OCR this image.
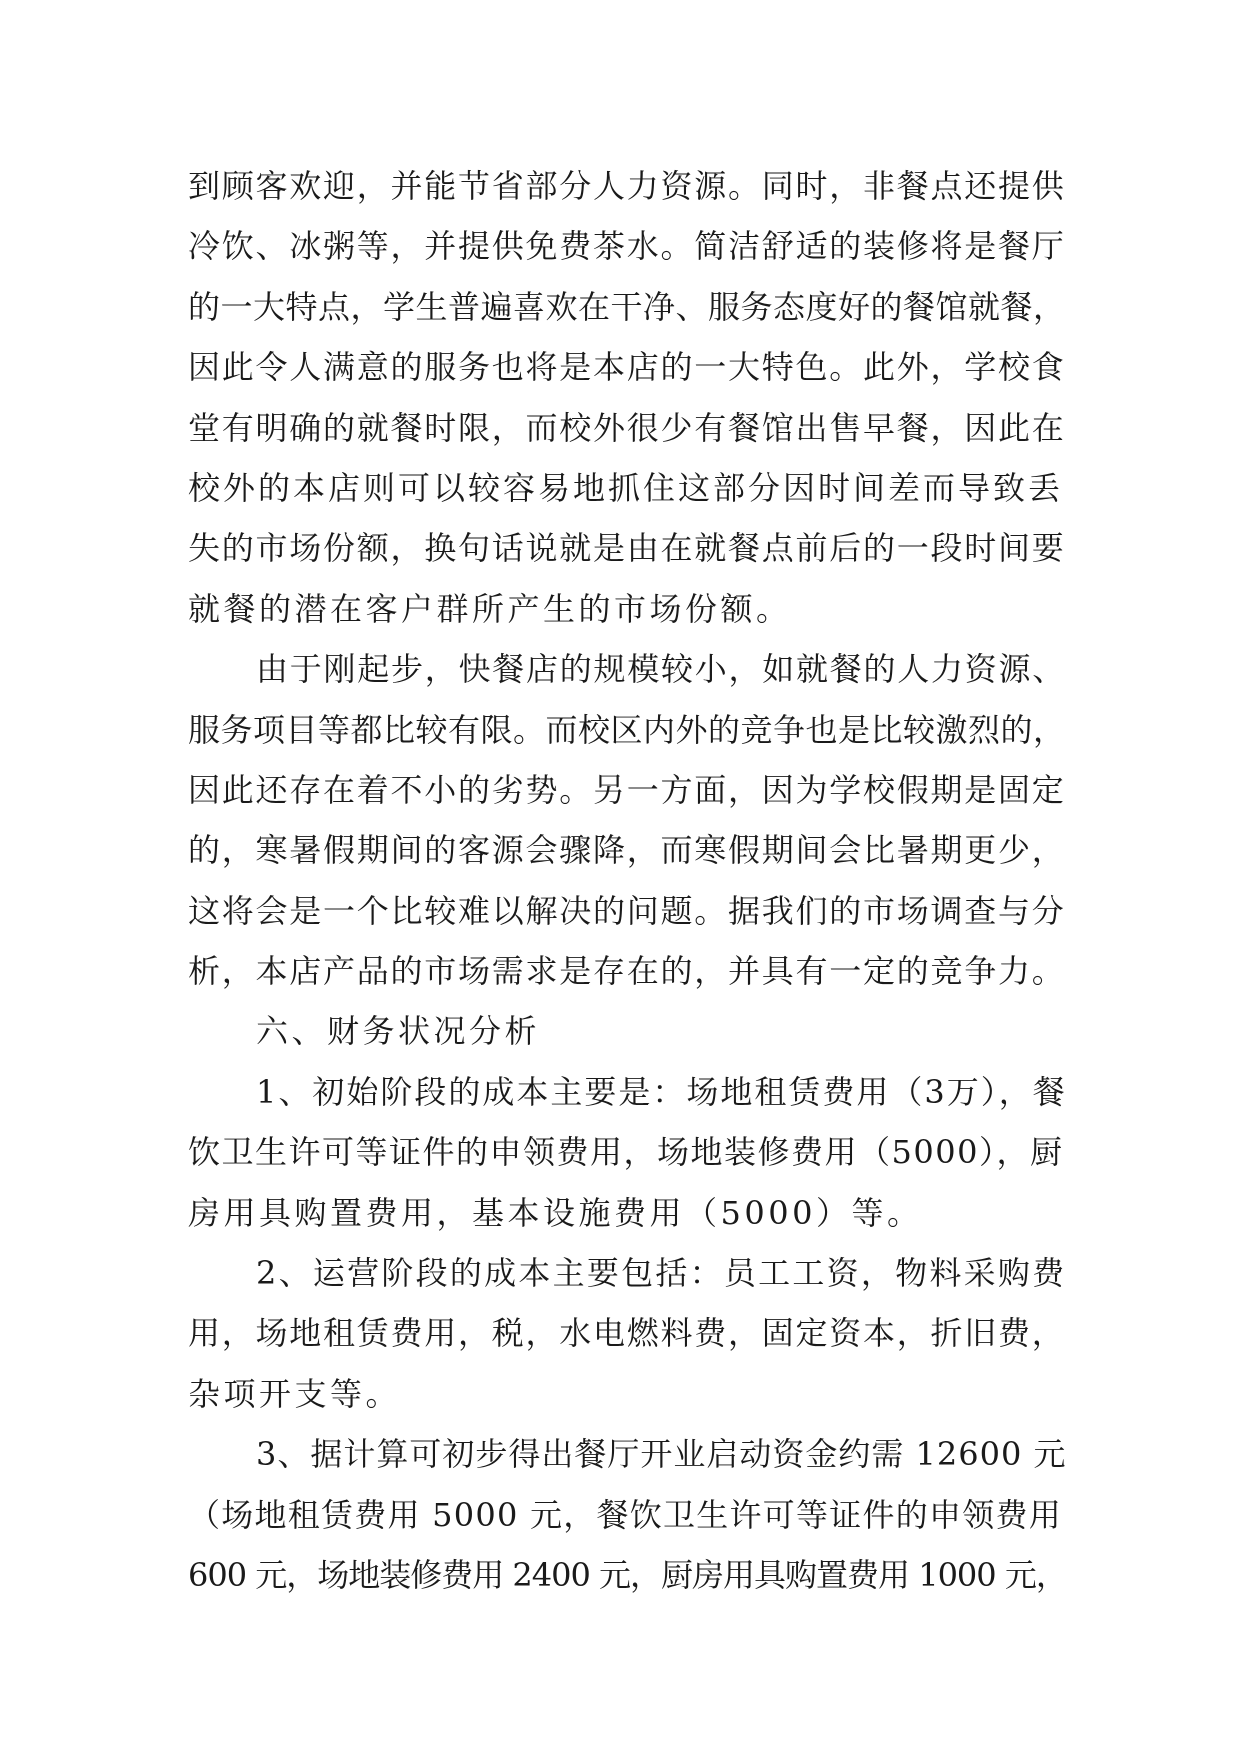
到顾客欢迎，并能节省部分人力资源。同时，非餐点还提供
冷饮、冰粥等，并提供免费茶水。简洁舒适的装修将是餐厅
的一大特点，学生普遍喜欢在干净、服务态度好的餐馆就餐，
因此令人满意的服务也将是本店的一大特色。此外，学校食
堂有明确的就餐时限，而校外很少有餐馆出售早餐，因此在
校外的本店则可以较容易地抓住这部分因时间差而导致丢
失的市场份额，换句话说就是由在就餐点前后的一段时间要
就餐的潜在客户群所产生的市场份额。
由于刚起步，快餐店的规模较小，如就餐的人力资源、
服务项目等都比较有限。而校区内外的竞争也是比较激烈的，
因此还存在着不小的劣势。另一方面，因为学校假期是固定
的，寒暑假期间的客源会骤降，而寒假期间会比暑期更少，
这将会是一个比较难以解决的问题。据我们的市场调查与分
析，本店产品的市场需求是存在的，并具有一定的竞争力。
六、财务状况分析
1、初始阶段的成本主要是：场地租赁费用（3万），餐
饮卫生许可等证件的申领费用，场地装修费用（5000），厨
房用具购置费用，基本设施费用（5000）等。
2、运营阶段的成本主要包括：员工工资，物料采购费
用，场地租赁费用，税，水电燃料费，固定资本，折旧费，
杂项开支等。
3、据计算可初步得出餐厅开业启动资金约需 12600 元
（场地租赁费用 5000 元，餐饮卫生许可等证件的申领费用
600 元，场地装修费用 2400 元，厨房用具购置费用 1000 元，
